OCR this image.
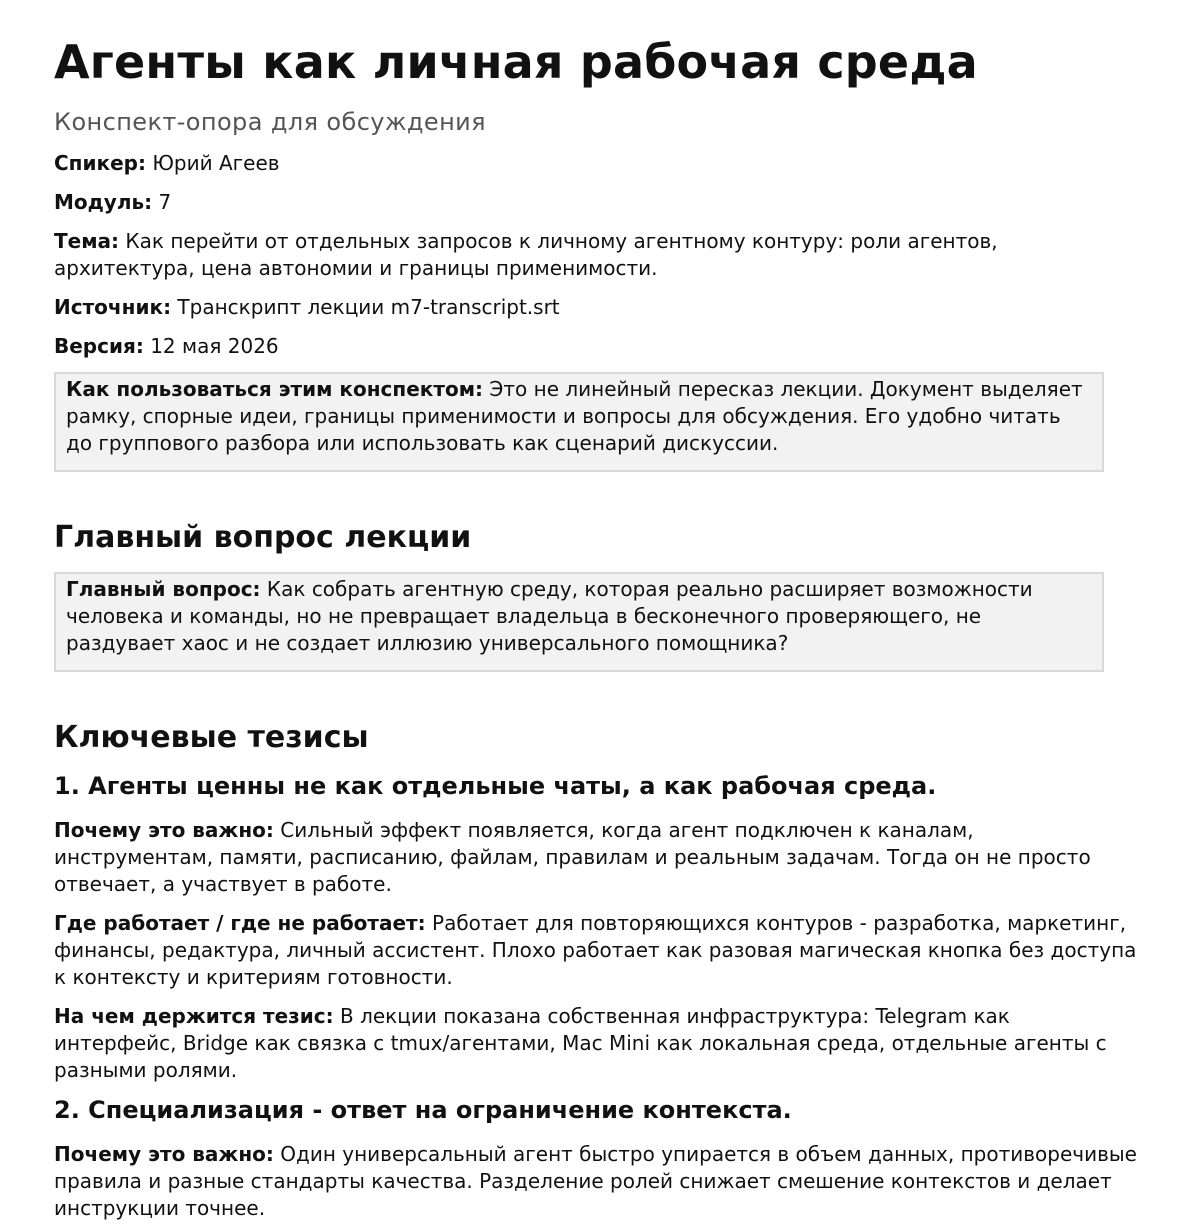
Агенты как личная рабочая среда
Конспект-опора для обсуждения
Спикер: Юрий Агеев
Модуль: 7
Тема: Как перейти от отдельных запросов к личному агентному контуру: роли агентов, архитектура, цена автономии и границы применимости.
Источник: Транскрипт лекции m7-transcript.srt
Версия: 12 мая 2026
Как пользоваться этим конспектом: Это не линейный пересказ лекции. Документ выделяет рамку, спорные идеи, границы применимости и вопросы для обсуждения. Его удобно читать до группового разбора или использовать как сценарий дискуссии.
Главный вопрос лекции
Главный вопрос: Как собрать агентную среду, которая реально расширяет возможности человека и команды, но не превращает владельца в бесконечного проверяющего, не раздувает хаос и не создает иллюзию универсального помощника?
Ключевые тезисы
1. Агенты ценны не как отдельные чаты, а как рабочая среда.
Почему это важно: Сильный эффект появляется, когда агент подключен к каналам, инструментам, памяти, расписанию, файлам, правилам и реальным задачам. Тогда он не просто отвечает, а участвует в работе.
Где работает / где не работает: Работает для повторяющихся контуров - разработка, маркетинг, финансы, редактура, личный ассистент. Плохо работает как разовая магическая кнопка без доступа к контексту и критериям готовности.
На чем держится тезис: В лекции показана собственная инфраструктура: Telegram как интерфейс, Bridge как связка с tmux/агентами, Mac Mini как локальная среда, отдельные агенты с разными ролями.
2. Специализация - ответ на ограничение контекста.
Почему это важно: Один универсальный агент быстро упирается в объем данных, противоречивые правила и разные стандарты качества. Разделение ролей снижает смешение контекстов и делает инструкции точнее.
